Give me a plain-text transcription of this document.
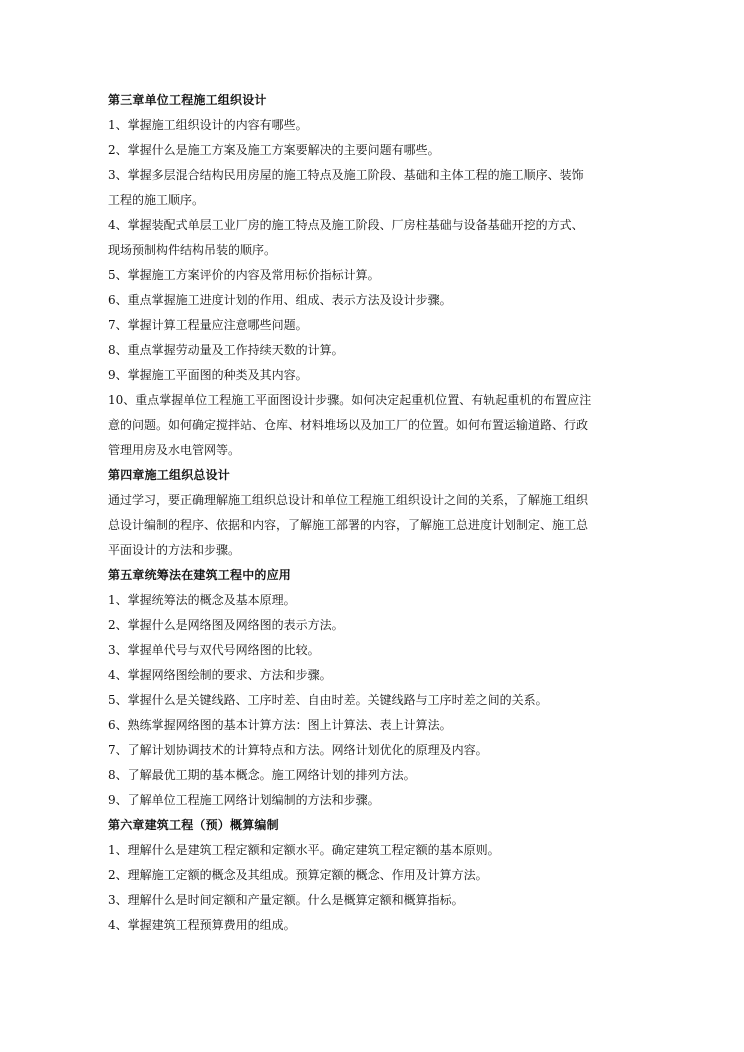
第三章单位工程施工组织设计
1、掌握施工组织设计的内容有哪些。
2、掌握什么是施工方案及施工方案要解决的主要问题有哪些。
3、掌握多层混合结构民用房屋的施工特点及施工阶段、基础和主体工程的施工顺序、装饰
工程的施工顺序。
4、掌握装配式单层工业厂房的施工特点及施工阶段、厂房柱基础与设备基础开挖的方式、
现场预制构件结构吊装的顺序。
5、掌握施工方案评价的内容及常用标价指标计算。
6、重点掌握施工进度计划的作用、组成、表示方法及设计步骤。
7、掌握计算工程量应注意哪些问题。
8、重点掌握劳动量及工作持续天数的计算。
9、掌握施工平面图的种类及其内容。
10、重点掌握单位工程施工平面图设计步骤。如何决定起重机位置、有轨起重机的布置应注
意的问题。如何确定搅拌站、仓库、材料堆场以及加工厂的位置。如何布置运输道路、行政
管理用房及水电管网等。
第四章施工组织总设计
通过学习，要正确理解施工组织总设计和单位工程施工组织设计之间的关系，了解施工组织
总设计编制的程序、依据和内容，了解施工部署的内容，了解施工总进度计划制定、施工总
平面设计的方法和步骤。
第五章统筹法在建筑工程中的应用
1、掌握统筹法的概念及基本原理。
2、掌握什么是网络图及网络图的表示方法。
3、掌握单代号与双代号网络图的比较。
4、掌握网络图绘制的要求、方法和步骤。
5、掌握什么是关键线路、工序时差、自由时差。关键线路与工序时差之间的关系。
6、熟练掌握网络图的基本计算方法：图上计算法、表上计算法。
7、了解计划协调技术的计算特点和方法。网络计划优化的原理及内容。
8、了解最优工期的基本概念。施工网络计划的排列方法。
9、了解单位工程施工网络计划编制的方法和步骤。
第六章建筑工程（预）概算编制
1、理解什么是建筑工程定额和定额水平。确定建筑工程定额的基本原则。
2、理解施工定额的概念及其组成。预算定额的概念、作用及计算方法。
3、理解什么是时间定额和产量定额。什么是概算定额和概算指标。
4、掌握建筑工程预算费用的组成。
